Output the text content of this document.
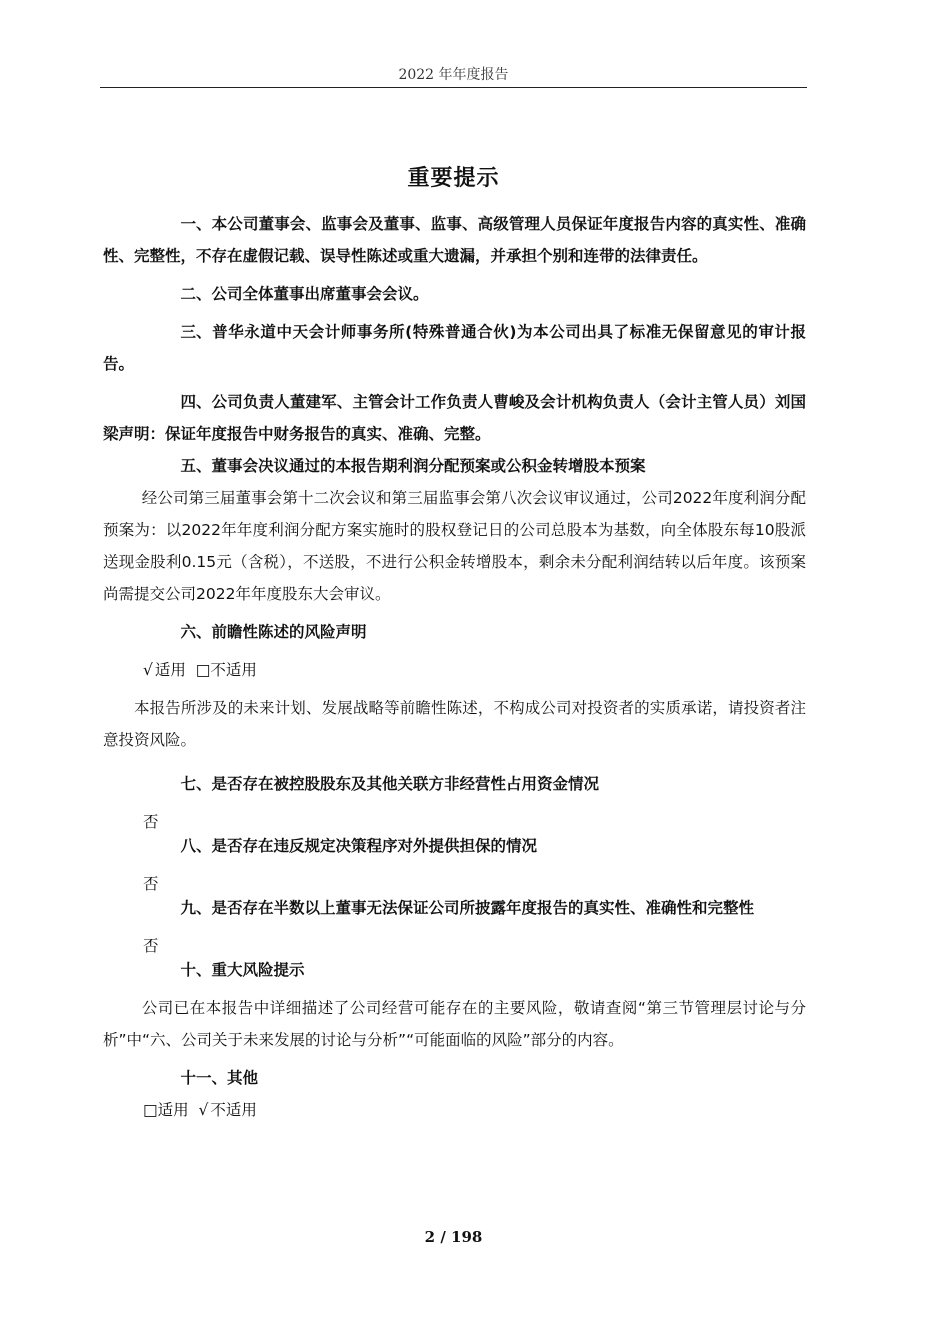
2022 年年度报告
重要提示
一、本公司董事会、监事会及董事、监事、高级管理人员保证年度报告内容的真实性、准确性、完整性，不存在虚假记载、误导性陈述或重大遗漏，并承担个别和连带的法律责任。
二、公司全体董事出席董事会会议。
三、普华永道中天会计师事务所(特殊普通合伙)为本公司出具了标准无保留意见的审计报告。
四、公司负责人董建军、主管会计工作负责人曹峻及会计机构负责人（会计主管人员）刘国梁声明：保证年度报告中财务报告的真实、准确、完整。
五、董事会决议通过的本报告期利润分配预案或公积金转增股本预案
经公司第三届董事会第十二次会议和第三届监事会第八次会议审议通过，公司2022年度利润分配预案为：以2022年年度利润分配方案实施时的股权登记日的公司总股本为基数，向全体股东每10股派送现金股利0.15元（含税），不送股，不进行公积金转增股本，剩余未分配利润结转以后年度。该预案尚需提交公司2022年年度股东大会审议。
六、前瞻性陈述的风险声明
√ 适用 □不适用
本报告所涉及的未来计划、发展战略等前瞻性陈述，不构成公司对投资者的实质承诺，请投资者注意投资风险。
七、是否存在被控股股东及其他关联方非经营性占用资金情况
否
八、是否存在违反规定决策程序对外提供担保的情况
否
九、是否存在半数以上董事无法保证公司所披露年度报告的真实性、准确性和完整性
否
十、重大风险提示
公司已在本报告中详细描述了公司经营可能存在的主要风险，敬请查阅“第三节管理层讨论与分析”中“六、公司关于未来发展的讨论与分析”“可能面临的风险”部分的内容。
十一、其他
□适用 √ 不适用
2 / 198
